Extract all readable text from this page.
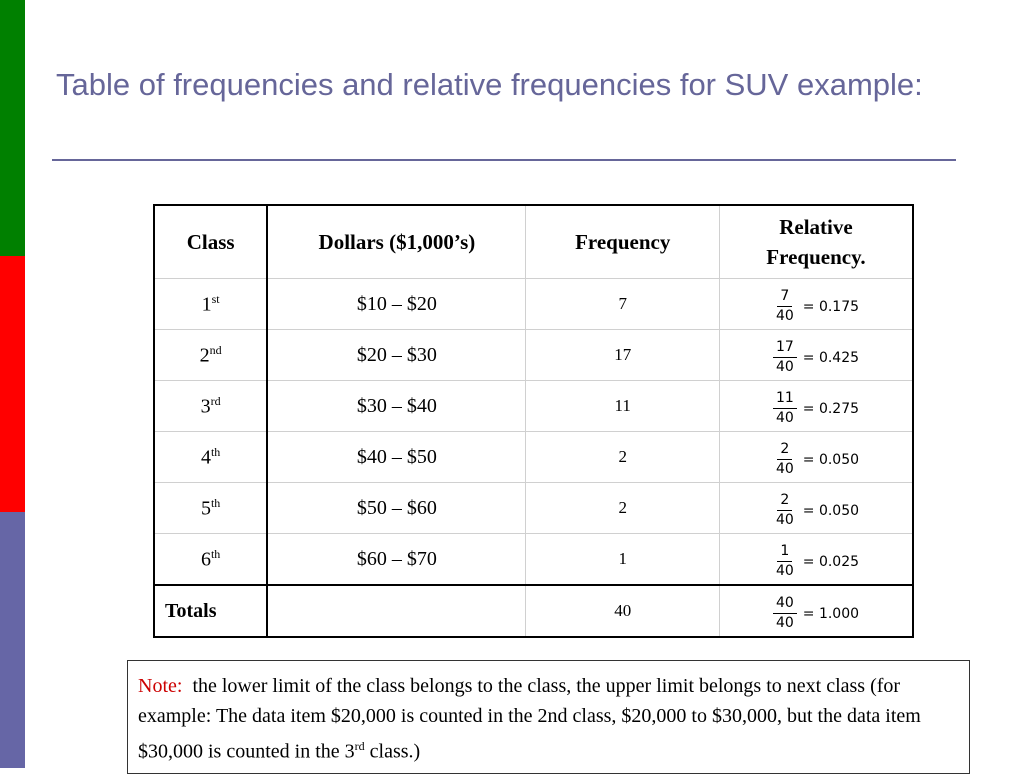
Table of frequencies and relative frequencies for SUV example:
Class	Dollars ($1,000’s)	Frequency	Relative
Frequency.
1st	$10 – $20	7	$\frac{7}{40} = 0.175$

2nd	$20 – $30	17	$\frac{17}{40} = 0.425$

3rd	$30 – $40	11	$\frac{11}{40} = 0.275$

4th	$40 – $50	2	$\frac{2}{40} = 0.050$

5th	$50 – $60	2	$\frac{2}{40} = 0.050$

6th	$60 – $70	1	$\frac{1}{40} = 0.025$

Totals		40	$\frac{40}{40} = 1.000$
Note: the lower limit of the class belongs to the class, the upper limit belongs to next class (for example: The data item $20,000 is counted in the 2nd class, $20,000 to $30,000, but the data item $30,000 is counted in the 3rd class.)
